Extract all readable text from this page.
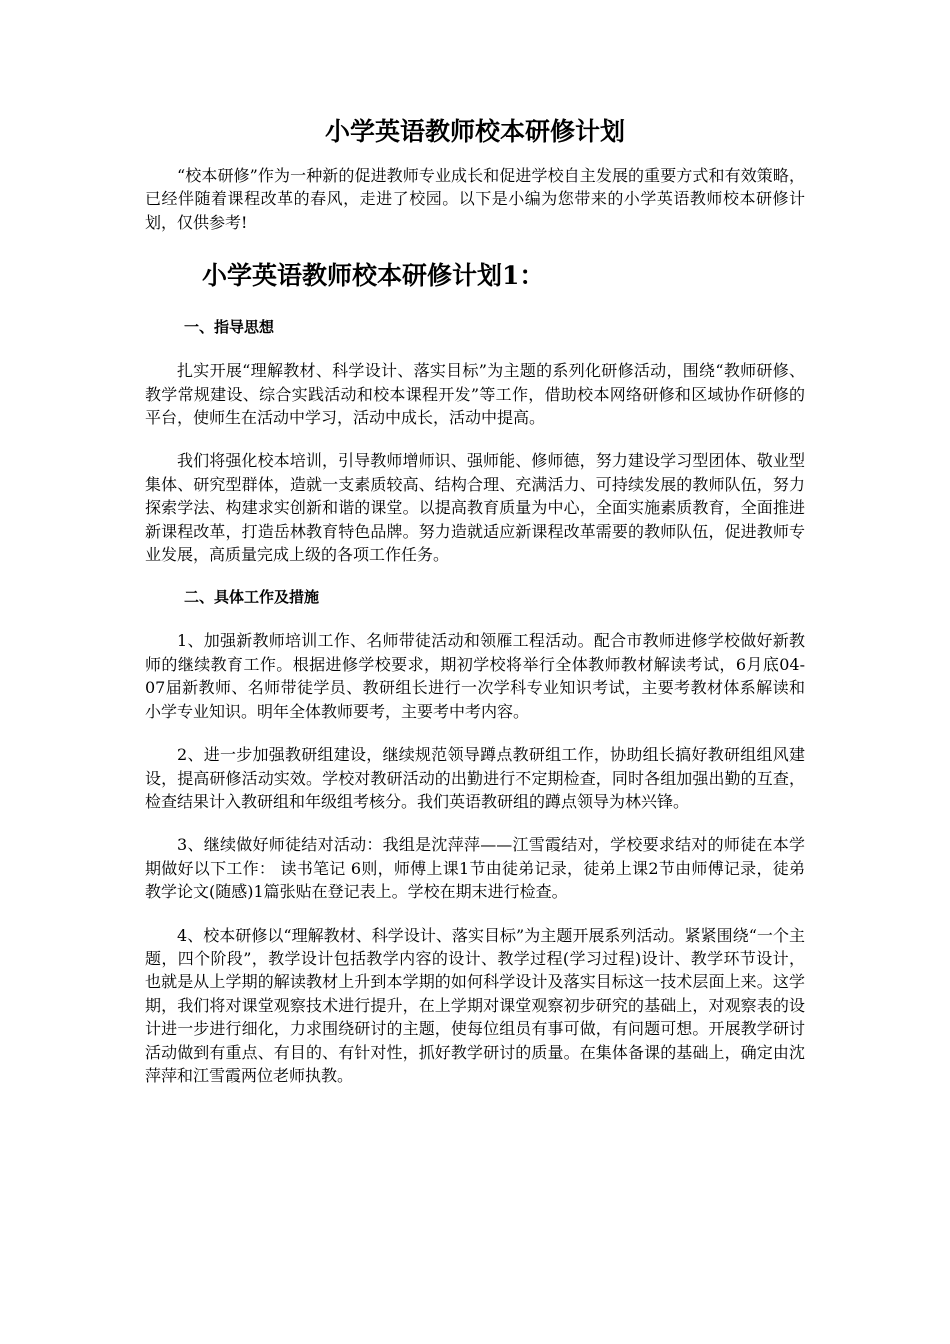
小学英语教师校本研修计划

“校本研修”作为一种新的促进教师专业成长和促进学校自主发展的重要方式和有效策略，已经伴随着课程改革的春风，走进了校园。以下是小编为您带来的小学英语教师校本研修计划，仅供参考!

小学英语教师校本研修计划1：
一、指导思想

扎实开展“理解教材、科学设计、落实目标”为主题的系列化研修活动，围绕“教师研修、教学常规建设、综合实践活动和校本课程开发”等工作，借助校本网络研修和区域协作研修的平台，使师生在活动中学习，活动中成长，活动中提高。

我们将强化校本培训，引导教师增师识、强师能、修师德，努力建设学习型团体、敬业型集体、研究型群体，造就一支素质较高、结构合理、充满活力、可持续发展的教师队伍，努力探索学法、构建求实创新和谐的课堂。以提高教育质量为中心，全面实施素质教育，全面推进新课程改革，打造岳林教育特色品牌。努力造就适应新课程改革需要的教师队伍，促进教师专业发展，高质量完成上级的各项工作任务。

二、具体工作及措施

1、加强新教师培训工作、名师带徒活动和领雁工程活动。配合市教师进修学校做好新教师的继续教育工作。根据进修学校要求，期初学校将举行全体教师教材解读考试，6月底04-07届新教师、名师带徒学员、教研组长进行一次学科专业知识考试，主要考教材体系解读和小学专业知识。明年全体教师要考，主要考中考内容。

2、进一步加强教研组建设，继续规范领导蹲点教研组工作，协助组长搞好教研组组风建设，提高研修活动实效。学校对教研活动的出勤进行不定期检查，同时各组加强出勤的互查，检查结果计入教研组和年级组考核分。我们英语教研组的蹲点领导为林兴锋。

3、继续做好师徒结对活动：我组是沈萍萍——江雪霞结对，学校要求结对的师徒在本学期做好以下工作： 读书笔记 6则，师傅上课1节由徒弟记录，徒弟上课2节由师傅记录，徒弟教学论文(随感)1篇张贴在登记表上。学校在期末进行检查。

4、校本研修以“理解教材、科学设计、落实目标”为主题开展系列活动。紧紧围绕“一个主题，四个阶段”，教学设计包括教学内容的设计、教学过程(学习过程)设计、教学环节设计，也就是从上学期的解读教材上升到本学期的如何科学设计及落实目标这一技术层面上来。这学期，我们将对课堂观察技术进行提升，在上学期对课堂观察初步研究的基础上，对观察表的设计进一步进行细化，力求围绕研讨的主题，使每位组员有事可做，有问题可想。开展教学研讨活动做到有重点、有目的、有针对性，抓好教学研讨的质量。在集体备课的基础上，确定由沈萍萍和江雪霞两位老师执教。
